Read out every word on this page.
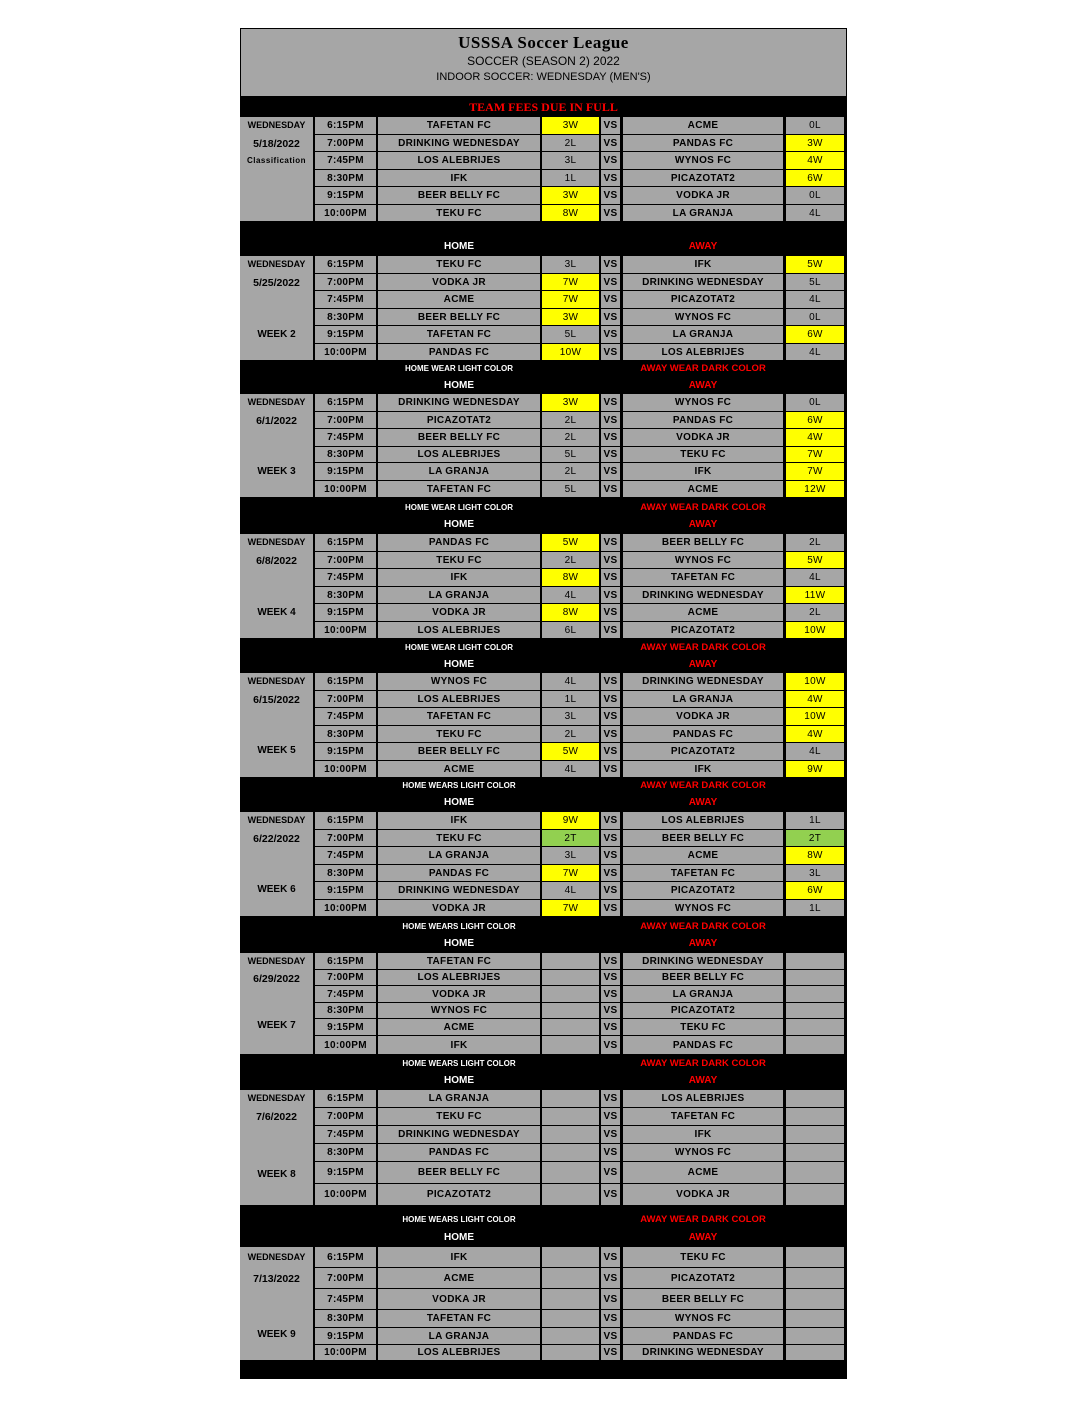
USSSA Soccer League
SOCCER (SEASON 2) 2022
INDOOR SOCCER: WEDNESDAY (MEN'S)
TEAM FEES DUE IN FULL
WEDNESDAY
5/18/2022
Classification
6:15PM	TAFETAN FC	3W	VS	ACME	0L
7:00PM	DRINKING WEDNESDAY	2L	VS	PANDAS FC	3W
7:45PM	LOS ALEBRIJES	3L	VS	WYNOS FC	4W
8:30PM	IFK	1L	VS	PICAZOTAT2	6W
9:15PM	BEER BELLY FC	3W	VS	VODKA JR	0L
10:00PM	TEKU FC	8W	VS	LA GRANJA	4L
HOME	AWAY
WEDNESDAY
5/25/2022
WEEK 2
6:15PM	TEKU FC	3L	VS	IFK	5W
7:00PM	VODKA JR	7W	VS	DRINKING WEDNESDAY	5L
7:45PM	ACME	7W	VS	PICAZOTAT2	4L
8:30PM	BEER BELLY FC	3W	VS	WYNOS FC	0L
9:15PM	TAFETAN FC	5L	VS	LA GRANJA	6W
10:00PM	PANDAS FC	10W	VS	LOS ALEBRIJES	4L
HOME WEAR LIGHT COLOR	AWAY WEAR DARK COLOR
HOME	AWAY
WEDNESDAY
6/1/2022
WEEK 3
6:15PM	DRINKING WEDNESDAY	3W	VS	WYNOS FC	0L
7:00PM	PICAZOTAT2	2L	VS	PANDAS FC	6W
7:45PM	BEER BELLY FC	2L	VS	VODKA JR	4W
8:30PM	LOS ALEBRIJES	5L	VS	TEKU FC	7W
9:15PM	LA GRANJA	2L	VS	IFK	7W
10:00PM	TAFETAN FC	5L	VS	ACME	12W
HOME WEAR LIGHT COLOR	AWAY WEAR DARK COLOR
HOME	AWAY
WEDNESDAY
6/8/2022
WEEK 4
6:15PM	PANDAS FC	5W	VS	BEER BELLY FC	2L
7:00PM	TEKU FC	2L	VS	WYNOS FC	5W
7:45PM	IFK	8W	VS	TAFETAN FC	4L
8:30PM	LA GRANJA	4L	VS	DRINKING WEDNESDAY	11W
9:15PM	VODKA JR	8W	VS	ACME	2L
10:00PM	LOS ALEBRIJES	6L	VS	PICAZOTAT2	10W
HOME WEAR LIGHT COLOR	AWAY WEAR DARK COLOR
HOME	AWAY
WEDNESDAY
6/15/2022
WEEK 5
6:15PM	WYNOS FC	4L	VS	DRINKING WEDNESDAY	10W
7:00PM	LOS ALEBRIJES	1L	VS	LA GRANJA	4W
7:45PM	TAFETAN FC	3L	VS	VODKA JR	10W
8:30PM	TEKU FC	2L	VS	PANDAS FC	4W
9:15PM	BEER BELLY FC	5W	VS	PICAZOTAT2	4L
10:00PM	ACME	4L	VS	IFK	9W
HOME WEARS LIGHT COLOR	AWAY WEAR DARK COLOR
HOME	AWAY
WEDNESDAY
6/22/2022
WEEK 6
6:15PM	IFK	9W	VS	LOS ALEBRIJES	1L
7:00PM	TEKU FC	2T	VS	BEER BELLY FC	2T
7:45PM	LA GRANJA	3L	VS	ACME	8W
8:30PM	PANDAS FC	7W	VS	TAFETAN FC	3L
9:15PM	DRINKING WEDNESDAY	4L	VS	PICAZOTAT2	6W
10:00PM	VODKA JR	7W	VS	WYNOS FC	1L
HOME WEARS LIGHT COLOR	AWAY WEAR DARK COLOR
HOME	AWAY
WEDNESDAY
6/29/2022
WEEK 7
6:15PM	TAFETAN FC	VS	DRINKING WEDNESDAY
7:00PM	LOS ALEBRIJES	VS	BEER BELLY FC
7:45PM	VODKA JR	VS	LA GRANJA
8:30PM	WYNOS FC	VS	PICAZOTAT2
9:15PM	ACME	VS	TEKU FC
10:00PM	IFK	VS	PANDAS FC
HOME WEARS LIGHT COLOR	AWAY WEAR DARK COLOR
HOME	AWAY
WEDNESDAY
7/6/2022
WEEK 8
6:15PM	LA GRANJA	VS	LOS ALEBRIJES
7:00PM	TEKU FC	VS	TAFETAN FC
7:45PM	DRINKING WEDNESDAY	VS	IFK
8:30PM	PANDAS FC	VS	WYNOS FC
9:15PM	BEER BELLY FC	VS	ACME
10:00PM	PICAZOTAT2	VS	VODKA JR
HOME WEARS LIGHT COLOR	AWAY WEAR DARK COLOR
HOME	AWAY
WEDNESDAY
7/13/2022
WEEK 9
6:15PM	IFK	VS	TEKU FC
7:00PM	ACME	VS	PICAZOTAT2
7:45PM	VODKA JR	VS	BEER BELLY FC
8:30PM	TAFETAN FC	VS	WYNOS FC
9:15PM	LA GRANJA	VS	PANDAS FC
10:00PM	LOS ALEBRIJES	VS	DRINKING WEDNESDAY
